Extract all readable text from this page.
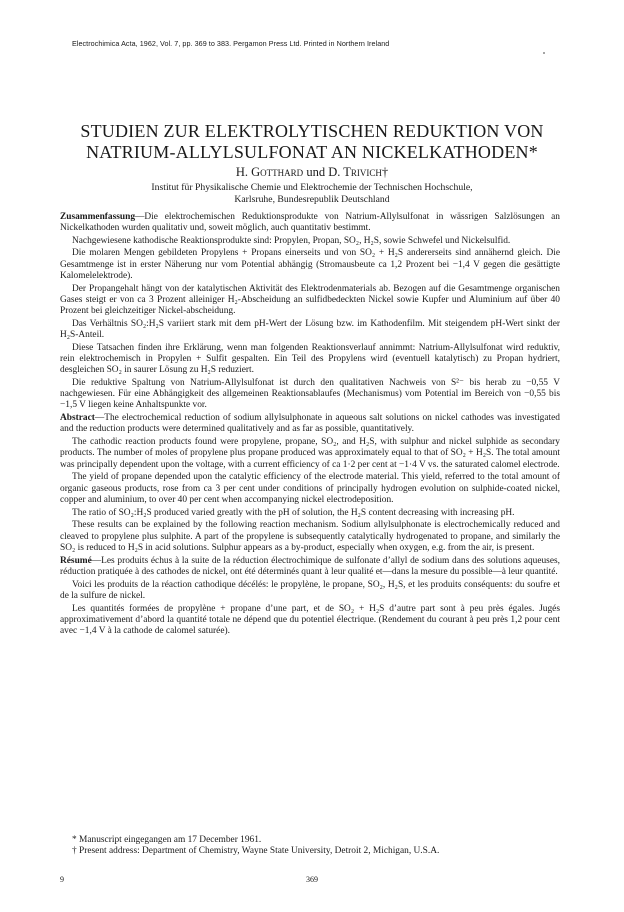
Electrochimica Acta, 1962, Vol. 7, pp. 369 to 383. Pergamon Press Ltd. Printed in Northern Ireland
STUDIEN ZUR ELEKTROLYTISCHEN REDUKTION VON
NATRIUM-ALLYLSULFONAT AN NICKELKATHODEN*
H. Gotthard und D. Trivich†
Institut für Physikalische Chemie und Elektrochemie der Technischen Hochschule,
Karlsruhe, Bundesrepublik Deutschland

Zusammenfassung—Die elektrochemischen Reduktionsprodukte von Natrium-Allylsulfonat in wässrigen Salzlösungen an Nickelkathoden wurden qualitativ und, soweit möglich, auch quantitativ bestimmt.

Nachgewiesene kathodische Reaktionsprodukte sind: Propylen, Propan, SO₂, H₂S, sowie Schwefel und Nickelsulfid.

Die molaren Mengen gebildeten Propylens + Propans einerseits und von SO₂ + H₂S andererseits sind annähernd gleich. Die Gesamtmenge ist in erster Näherung nur vom Potential abhängig (Stromausbeute ca 1,2 Prozent bei −1,4 V gegen die gesättigte Kalomelelektrode).

Der Propangehalt hängt von der katalytischen Aktivität des Elektrodenmaterials ab. Bezogen auf die Gesamtmenge organischen Gases steigt er von ca 3 Prozent alleiniger H₂-Abscheidung an sulfidbedeckten Nickel sowie Kupfer und Aluminium auf über 40 Prozent bei gleichzeitiger Nickel-abscheidung.

Das Verhältnis SO₂:H₂S variiert stark mit dem pH-Wert der Lösung bzw. im Kathodenfilm. Mit steigendem pH-Wert sinkt der H₂S-Anteil.

Diese Tatsachen finden ihre Erklärung, wenn man folgenden Reaktionsverlauf annimmt: Natrium-Allylsulfonat wird reduktiv, rein elektrochemisch in Propylen + Sulfit gespalten. Ein Teil des Propylens wird (eventuell katalytisch) zu Propan hydriert, desgleichen SO₂ in saurer Lösung zu H₂S reduziert.

Die reduktive Spaltung von Natrium-Allylsulfonat ist durch den qualitativen Nachweis von S²⁻ bis herab zu −0,55 V nachgewiesen. Für eine Abhängigkeit des allgemeinen Reaktionsablaufes (Mechanismus) vom Potential im Bereich von −0,55 bis −1,5 V liegen keine Anhaltspunkte vor.

Abstract—The electrochemical reduction of sodium allylsulphonate in aqueous salt solutions on nickel cathodes was investigated and the reduction products were determined qualitatively and as far as possible, quantitatively.

The cathodic reaction products found were propylene, propane, SO₂, and H₂S, with sulphur and nickel sulphide as secondary products. The number of moles of propylene plus propane produced was approximately equal to that of SO₂ + H₂S. The total amount was principally dependent upon the voltage, with a current efficiency of ca 1·2 per cent at −1·4 V vs. the saturated calomel electrode.

The yield of propane depended upon the catalytic efficiency of the electrode material. This yield, referred to the total amount of organic gaseous products, rose from ca 3 per cent under conditions of principally hydrogen evolution on sulphide-coated nickel, copper and aluminium, to over 40 per cent when accompanying nickel electrodeposition.

The ratio of SO₂:H₂S produced varied greatly with the pH of solution, the H₂S content decreasing with increasing pH.

These results can be explained by the following reaction mechanism. Sodium allylsulphonate is electrochemically reduced and cleaved to propylene plus sulphite. A part of the propylene is subsequently catalytically hydrogenated to propane, and similarly the SO₂ is reduced to H₂S in acid solutions. Sulphur appears as a by-product, especially when oxygen, e.g. from the air, is present.

Résumé—Les produits échus à la suite de la réduction électrochimique de sulfonate d’allyl de sodium dans des solutions aqueuses, réduction pratiquée à des cathodes de nickel, ont été déterminés quant à leur qualité et—dans la mesure du possible—à leur quantité.

Voici les produits de la réaction cathodique décélés: le propylène, le propane, SO₂, H₂S, et les produits conséquents: du soufre et de la sulfure de nickel.

Les quantités formées de propylène + propane d’une part, et de SO₂ + H₂S d’autre part sont à peu près égales. Jugés approximativement d’abord la quantité totale ne dépend que du potentiel électrique. (Rendement du courant à peu près 1,2 pour cent avec −1,4 V à la cathode de calomel saturée).

* Manuscript eingegangen am 17 December 1961.

† Present address: Department of Chemistry, Wayne State University, Detroit 2, Michigan, U.S.A.

9	369
